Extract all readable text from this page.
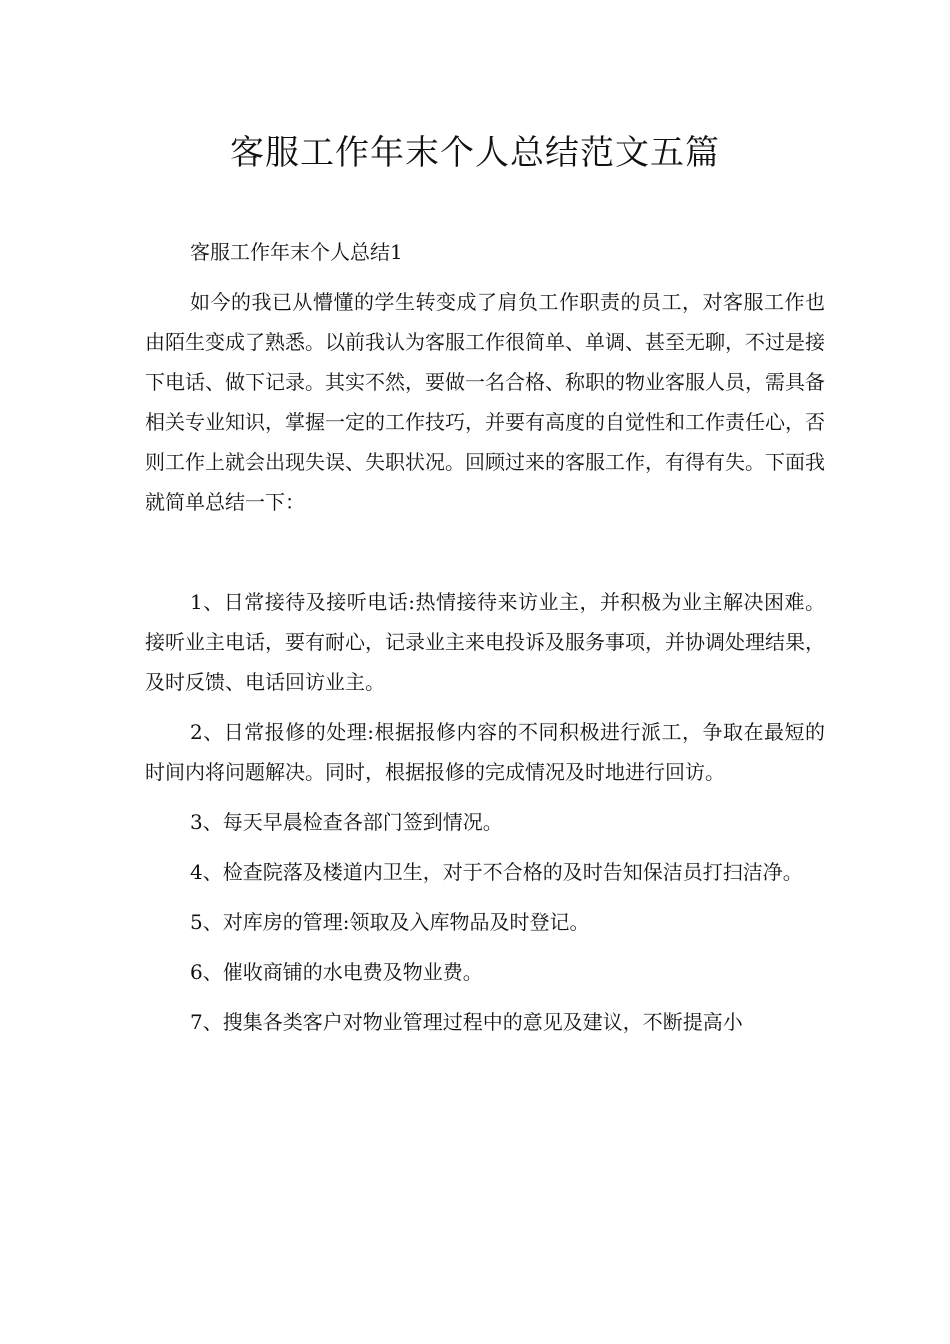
客服工作年末个人总结范文五篇

客服工作年末个人总结1

如今的我已从懵懂的学生转变成了肩负工作职责的员工，对客服工作也由陌生变成了熟悉。以前我认为客服工作很简单、单调、甚至无聊，不过是接下电话、做下记录。其实不然，要做一名合格、称职的物业客服人员，需具备相关专业知识，掌握一定的工作技巧，并要有高度的自觉性和工作责任心，否则工作上就会出现失误、失职状况。回顾过来的客服工作，有得有失。下面我就简单总结一下：

1、日常接待及接听电话:热情接待来访业主，并积极为业主解决困难。接听业主电话，要有耐心，记录业主来电投诉及服务事项，并协调处理结果，及时反馈、电话回访业主。

2、日常报修的处理:根据报修内容的不同积极进行派工，争取在最短的时间内将问题解决。同时，根据报修的完成情况及时地进行回访。

3、每天早晨检查各部门签到情况。

4、检查院落及楼道内卫生，对于不合格的及时告知保洁员打扫洁净。

5、对库房的管理:领取及入库物品及时登记。

6、催收商铺的水电费及物业费。

7、搜集各类客户对物业管理过程中的意见及建议，不断提高小
